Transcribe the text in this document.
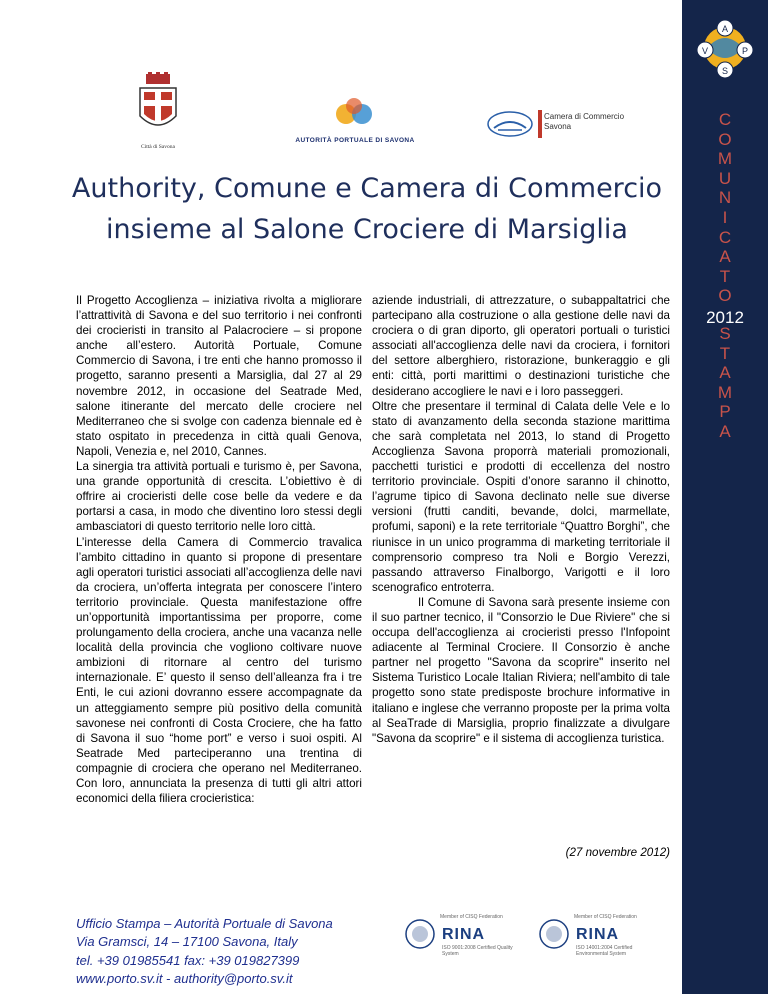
A
V	P
S
C
O
M
U
N
I
C
A
T
O
S
T
A
M
P
A
2012
Città di Savona
AUTORITÀ PORTUALE DI SAVONA
Camera di Commercio
Savona
Authority, Comune e Camera di Commercio insieme al Salone Crociere di Marsiglia

Il Progetto Accoglienza – iniziativa rivolta a migliorare l’attrattività di Savona e del suo territorio i nei confronti dei crocieristi in transito al Palacrociere – si propone anche all’estero. Autorità Portuale, Comune Commercio di Savona, i tre enti che hanno promosso il progetto, saranno presenti a Marsiglia, dal 27 al 29 novembre 2012, in occasione del Seatrade Med, salone itinerante del mercato delle crociere nel Mediterraneo che si svolge con cadenza biennale ed è stato ospitato in precedenza in città quali Genova, Napoli, Venezia e, nel 2010, Cannes.

La sinergia tra attività portuali e turismo è, per Savona, una grande opportunità di crescita. L’obiettivo è di offrire ai crocieristi delle cose belle da vedere e da portarsi a casa, in modo che diventino loro stessi degli ambasciatori di questo territorio nelle loro città.

L’interesse della Camera di Commercio travalica l’ambito cittadino in quanto si propone di presentare agli operatori turistici associati all’accoglienza delle navi da crociera, un’offerta integrata per conoscere l’intero territorio provinciale. Questa manifestazione offre un’opportunità importantissima per proporre, come prolungamento della crociera, anche una vacanza nelle località della provincia che vogliono coltivare nuove ambizioni di ritornare al centro del turismo internazionale. E’ questo il senso dell’alleanza fra i tre Enti, le cui azioni dovranno essere accompagnate da un atteggiamento sempre più positivo della comunità savonese nei confronti di Costa Crociere, che ha fatto di Savona il suo “home port” e verso i suoi ospiti. Al Seatrade Med parteciperanno una trentina di compagnie di crociera che operano nel Mediterraneo. Con loro, annunciata la presenza di tutti gli altri attori economici della filiera crocieristica:

aziende industriali, di attrezzature, o subappaltatrici che partecipano alla costruzione o alla gestione delle navi da crociera o di gran diporto, gli operatori portuali o turistici associati all'accoglienza delle navi da crociera, i fornitori del settore alberghiero, ristorazione, bunkeraggio e gli enti: città, porti marittimi o destinazioni turistiche che desiderano accogliere le navi e i loro passeggeri.

Oltre che presentare il terminal di Calata delle Vele e lo stato di avanzamento della seconda stazione marittima che sarà completata nel 2013, lo stand di Progetto Accoglienza Savona proporrà materiali promozionali, pacchetti turistici e prodotti di eccellenza del nostro territorio provinciale. Ospiti d’onore saranno il chinotto, l’agrume tipico di Savona declinato nelle sue diverse versioni (frutti canditi, bevande, dolci, marmellate, profumi, saponi) e la rete territoriale “Quattro Borghi”, che riunisce in un unico programma di marketing territoriale il comprensorio compreso tra Noli e Borgio Verezzi, passando attraverso Finalborgo, Varigotti e il loro scenografico entroterra.

Il Comune di Savona sarà presente insieme con il suo partner tecnico, il "Consorzio le Due Riviere" che si occupa dell'accoglienza ai crocieristi presso l'Infopoint adiacente al Terminal Crociere. Il Consorzio è anche partner nel progetto "Savona da scoprire" inserito nel Sistema Turistico Locale Italian Riviera; nell'ambito di tale progetto sono state predisposte brochure informative in italiano e inglese che verranno proposte per la prima volta al SeaTrade di Marsiglia, proprio finalizzate a divulgare "Savona da scoprire" e il sistema di accoglienza turistica.

(27 novembre 2012)
Ufficio Stampa – Autorità Portuale di Savona
Via Gramsci, 14 – 17100 Savona, Italy
tel. +39 01985541 fax: +39 019827399
www.porto.sv.it - authority@porto.sv.it
Member of CISQ Federation
RINA
ISO 9001:2008 Certified Quality System
Member of CISQ Federation
RINA
ISO 14001:2004 Certified Environmental System
